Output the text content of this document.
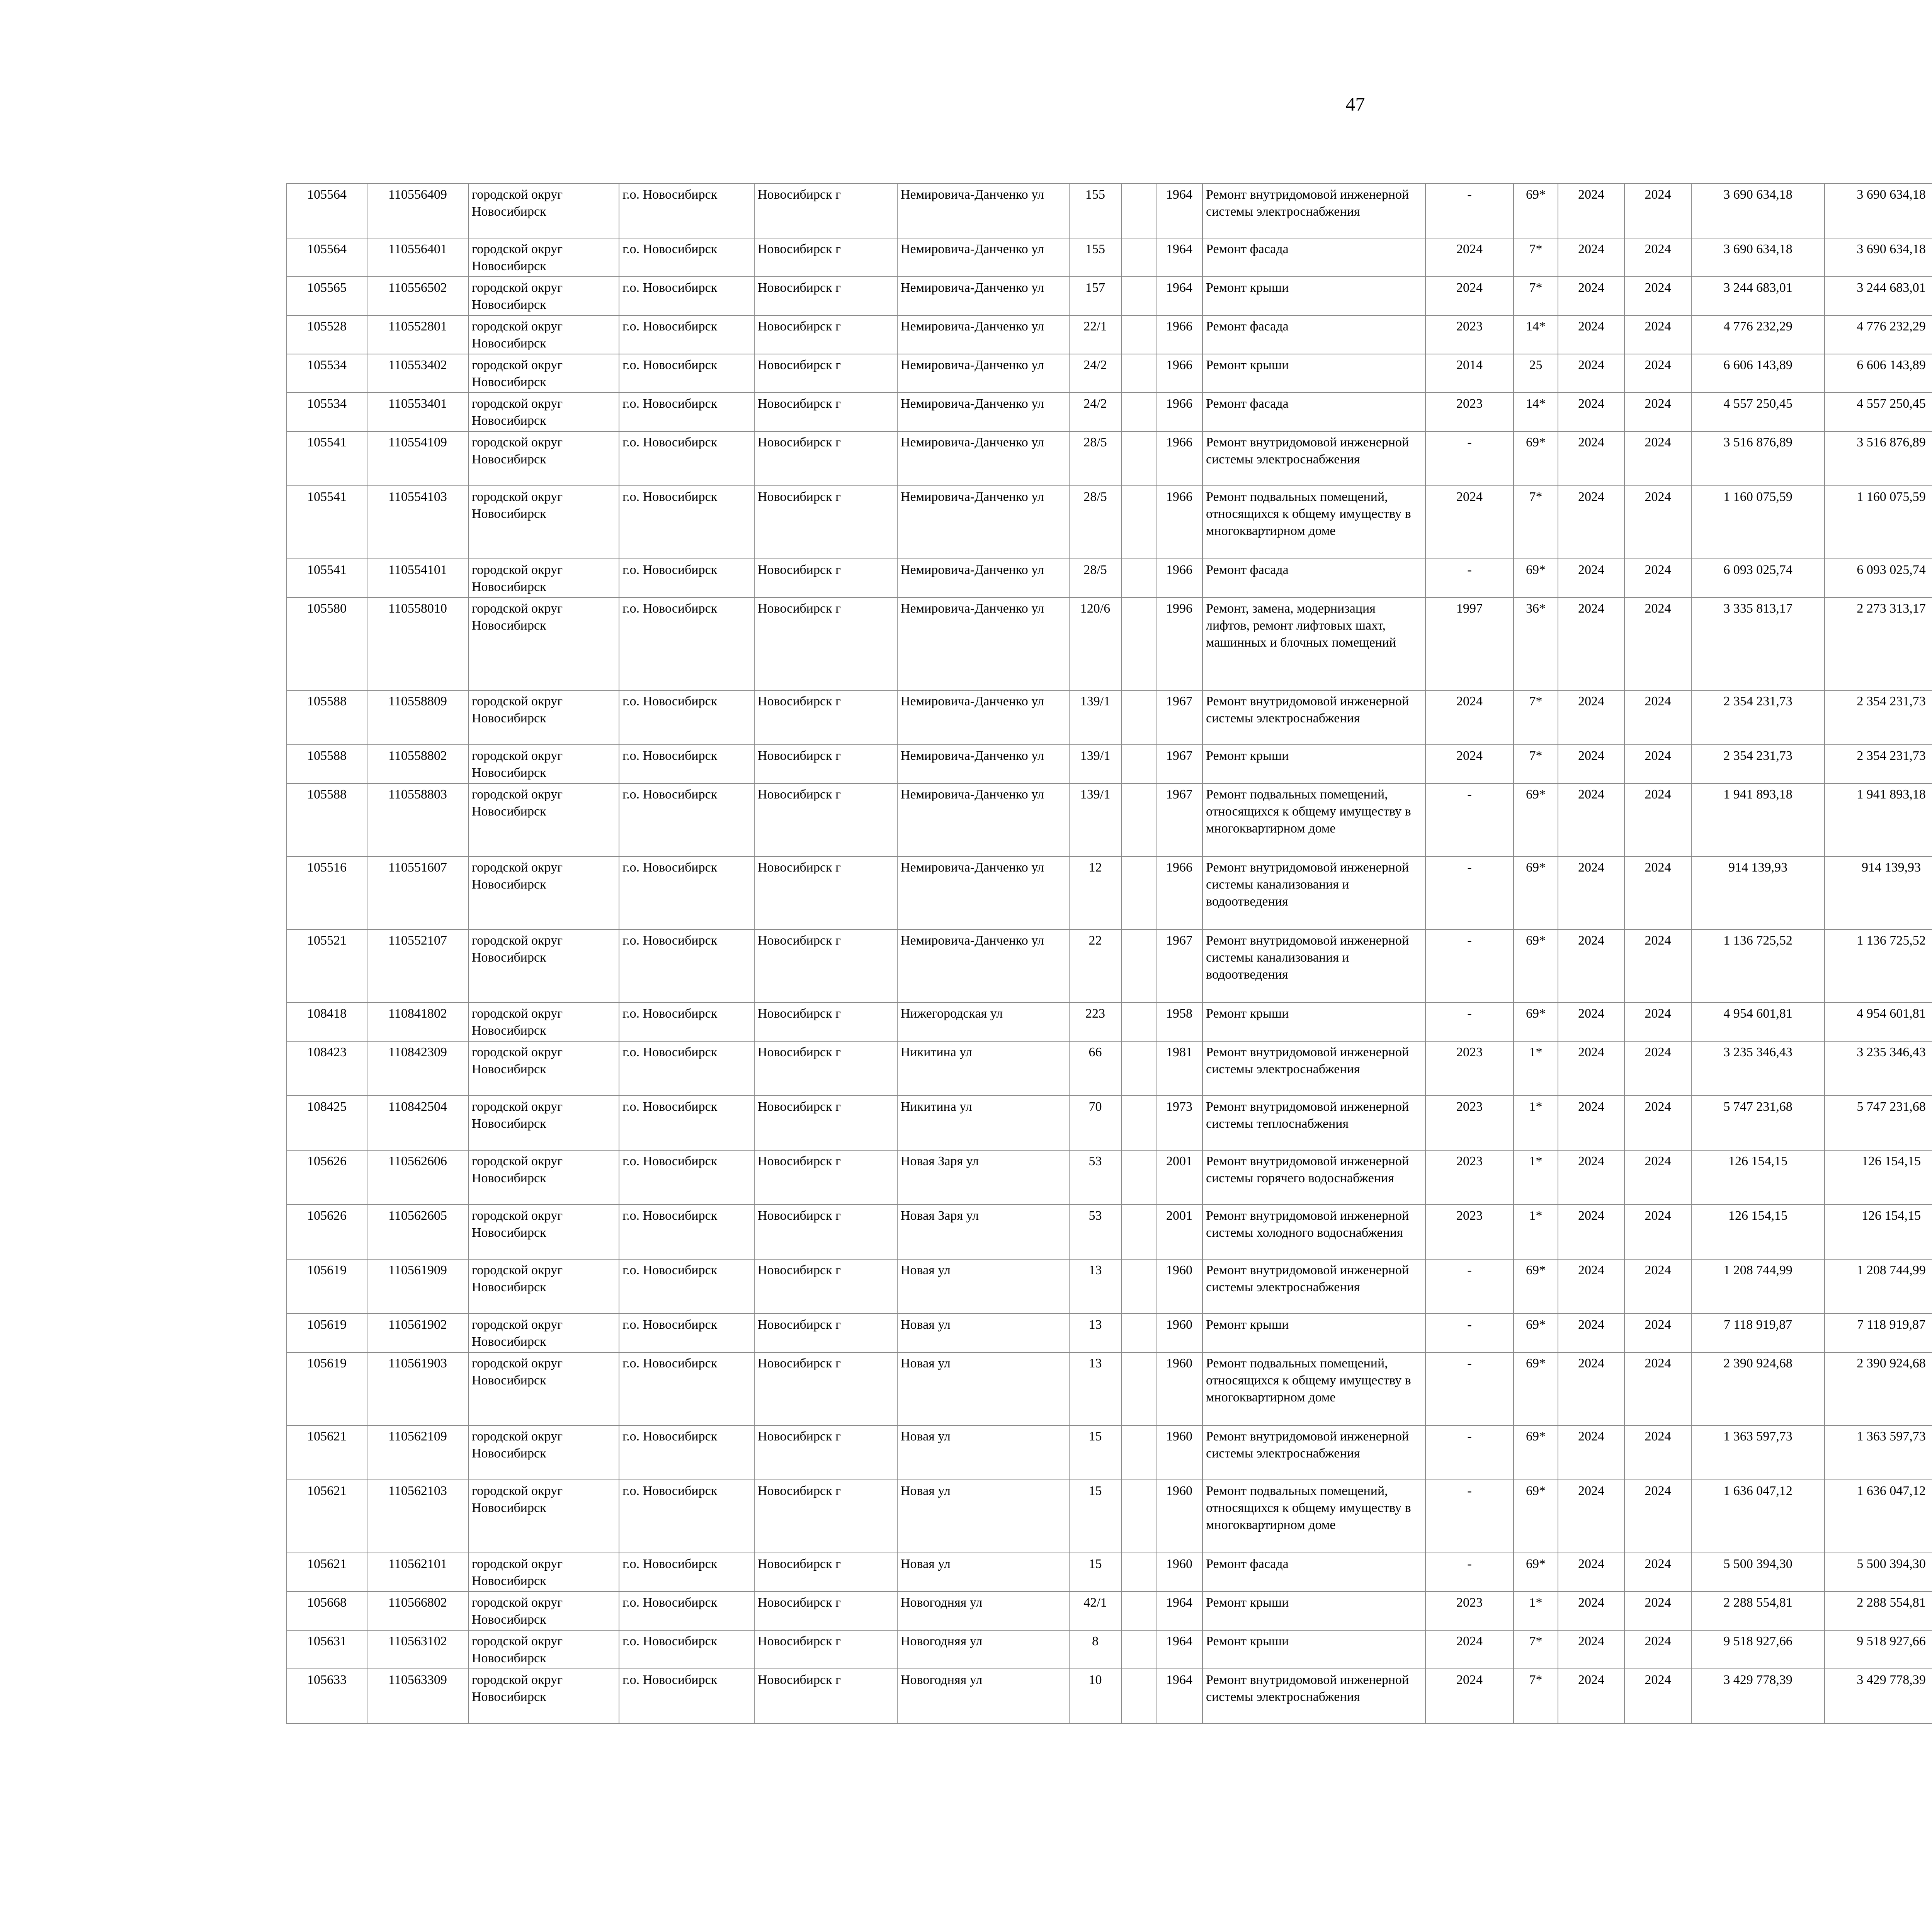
47
105564	110556409	городской округ Новосибирск	г.о. Новосибирск	Новосибирск г	Немировича-Данченко ул	155		1964	Ремонт внутридомовой инженерной системы электроснабжения	-	69*	2024	2024	3 690 634,18	3 690 634,18						
105564	110556401	городской округ Новосибирск	г.о. Новосибирск	Новосибирск г	Немировича-Данченко ул	155		1964	Ремонт фасада	2024	7*	2024	2024	3 690 634,18	3 690 634,18						
105565	110556502	городской округ Новосибирск	г.о. Новосибирск	Новосибирск г	Немировича-Данченко ул	157		1964	Ремонт крыши	2024	7*	2024	2024	3 244 683,01	3 244 683,01						
105528	110552801	городской округ Новосибирск	г.о. Новосибирск	Новосибирск г	Немировича-Данченко ул	22/1		1966	Ремонт фасада	2023	14*	2024	2024	4 776 232,29	4 776 232,29						
105534	110553402	городской округ Новосибирск	г.о. Новосибирск	Новосибирск г	Немировича-Данченко ул	24/2		1966	Ремонт крыши	2014	25	2024	2024	6 606 143,89	6 606 143,89						
105534	110553401	городской округ Новосибирск	г.о. Новосибирск	Новосибирск г	Немировича-Данченко ул	24/2		1966	Ремонт фасада	2023	14*	2024	2024	4 557 250,45	4 557 250,45						
105541	110554109	городской округ Новосибирск	г.о. Новосибирск	Новосибирск г	Немировича-Данченко ул	28/5		1966	Ремонт внутридомовой инженерной системы электроснабжения	-	69*	2024	2024	3 516 876,89	3 516 876,89						
105541	110554103	городской округ Новосибирск	г.о. Новосибирск	Новосибирск г	Немировича-Данченко ул	28/5		1966	Ремонт подвальных помещений, относящихся к общему имуществу в многоквартирном доме	2024	7*	2024	2024	1 160 075,59	1 160 075,59						
105541	110554101	городской округ Новосибирск	г.о. Новосибирск	Новосибирск г	Немировича-Данченко ул	28/5		1966	Ремонт фасада	-	69*	2024	2024	6 093 025,74	6 093 025,74						
105580	110558010	городской округ Новосибирск	г.о. Новосибирск	Новосибирск г	Немировича-Данченко ул	120/6		1996	Ремонт, замена, модернизация лифтов, ремонт лифтовых шахт, машинных и блочных помещений	1997	36*	2024	2024	3 335 813,17	2 273 313,17						
105588	110558809	городской округ Новосибирск	г.о. Новосибирск	Новосибирск г	Немировича-Данченко ул	139/1		1967	Ремонт внутридомовой инженерной системы электроснабжения	2024	7*	2024	2024	2 354 231,73	2 354 231,73						
105588	110558802	городской округ Новосибирск	г.о. Новосибирск	Новосибирск г	Немировича-Данченко ул	139/1		1967	Ремонт крыши	2024	7*	2024	2024	2 354 231,73	2 354 231,73						
105588	110558803	городской округ Новосибирск	г.о. Новосибирск	Новосибирск г	Немировича-Данченко ул	139/1		1967	Ремонт подвальных помещений, относящихся к общему имуществу в многоквартирном доме	-	69*	2024	2024	1 941 893,18	1 941 893,18						
105516	110551607	городской округ Новосибирск	г.о. Новосибирск	Новосибирск г	Немировича-Данченко ул	12		1966	Ремонт внутридомовой инженерной системы канализования и водоотведения	-	69*	2024	2024	914 139,93	914 139,93						
105521	110552107	городской округ Новосибирск	г.о. Новосибирск	Новосибирск г	Немировича-Данченко ул	22		1967	Ремонт внутридомовой инженерной системы канализования и водоотведения	-	69*	2024	2024	1 136 725,52	1 136 725,52						
108418	110841802	городской округ Новосибирск	г.о. Новосибирск	Новосибирск г	Нижегородская ул	223		1958	Ремонт крыши	-	69*	2024	2024	4 954 601,81	4 954 601,81						
108423	110842309	городской округ Новосибирск	г.о. Новосибирск	Новосибирск г	Никитина ул	66		1981	Ремонт внутридомовой инженерной системы электроснабжения	2023	1*	2024	2024	3 235 346,43	3 235 346,43						
108425	110842504	городской округ Новосибирск	г.о. Новосибирск	Новосибирск г	Никитина ул	70		1973	Ремонт внутридомовой инженерной системы теплоснабжения	2023	1*	2024	2024	5 747 231,68	5 747 231,68						
105626	110562606	городской округ Новосибирск	г.о. Новосибирск	Новосибирск г	Новая Заря ул	53		2001	Ремонт внутридомовой инженерной системы горячего водоснабжения	2023	1*	2024	2024	126 154,15	126 154,15						
105626	110562605	городской округ Новосибирск	г.о. Новосибирск	Новосибирск г	Новая Заря ул	53		2001	Ремонт внутридомовой инженерной системы холодного водоснабжения	2023	1*	2024	2024	126 154,15	126 154,15						
105619	110561909	городской округ Новосибирск	г.о. Новосибирск	Новосибирск г	Новая ул	13		1960	Ремонт внутридомовой инженерной системы электроснабжения	-	69*	2024	2024	1 208 744,99	1 208 744,99						
105619	110561902	городской округ Новосибирск	г.о. Новосибирск	Новосибирск г	Новая ул	13		1960	Ремонт крыши	-	69*	2024	2024	7 118 919,87	7 118 919,87						
105619	110561903	городской округ Новосибирск	г.о. Новосибирск	Новосибирск г	Новая ул	13		1960	Ремонт подвальных помещений, относящихся к общему имуществу в многоквартирном доме	-	69*	2024	2024	2 390 924,68	2 390 924,68						
105621	110562109	городской округ Новосибирск	г.о. Новосибирск	Новосибирск г	Новая ул	15		1960	Ремонт внутридомовой инженерной системы электроснабжения	-	69*	2024	2024	1 363 597,73	1 363 597,73						
105621	110562103	городской округ Новосибирск	г.о. Новосибирск	Новосибирск г	Новая ул	15		1960	Ремонт подвальных помещений, относящихся к общему имуществу в многоквартирном доме	-	69*	2024	2024	1 636 047,12	1 636 047,12						
105621	110562101	городской округ Новосибирск	г.о. Новосибирск	Новосибирск г	Новая ул	15		1960	Ремонт фасада	-	69*	2024	2024	5 500 394,30	5 500 394,30						
105668	110566802	городской округ Новосибирск	г.о. Новосибирск	Новосибирск г	Новогодняя ул	42/1		1964	Ремонт крыши	2023	1*	2024	2024	2 288 554,81	2 288 554,81						
105631	110563102	городской округ Новосибирск	г.о. Новосибирск	Новосибирск г	Новогодняя ул	8		1964	Ремонт крыши	2024	7*	2024	2024	9 518 927,66	9 518 927,66						
105633	110563309	городской округ Новосибирск	г.о. Новосибирск	Новосибирск г	Новогодняя ул	10		1964	Ремонт внутридомовой инженерной системы электроснабжения	2024	7*	2024	2024	3 429 778,39	3 429 778,39						
